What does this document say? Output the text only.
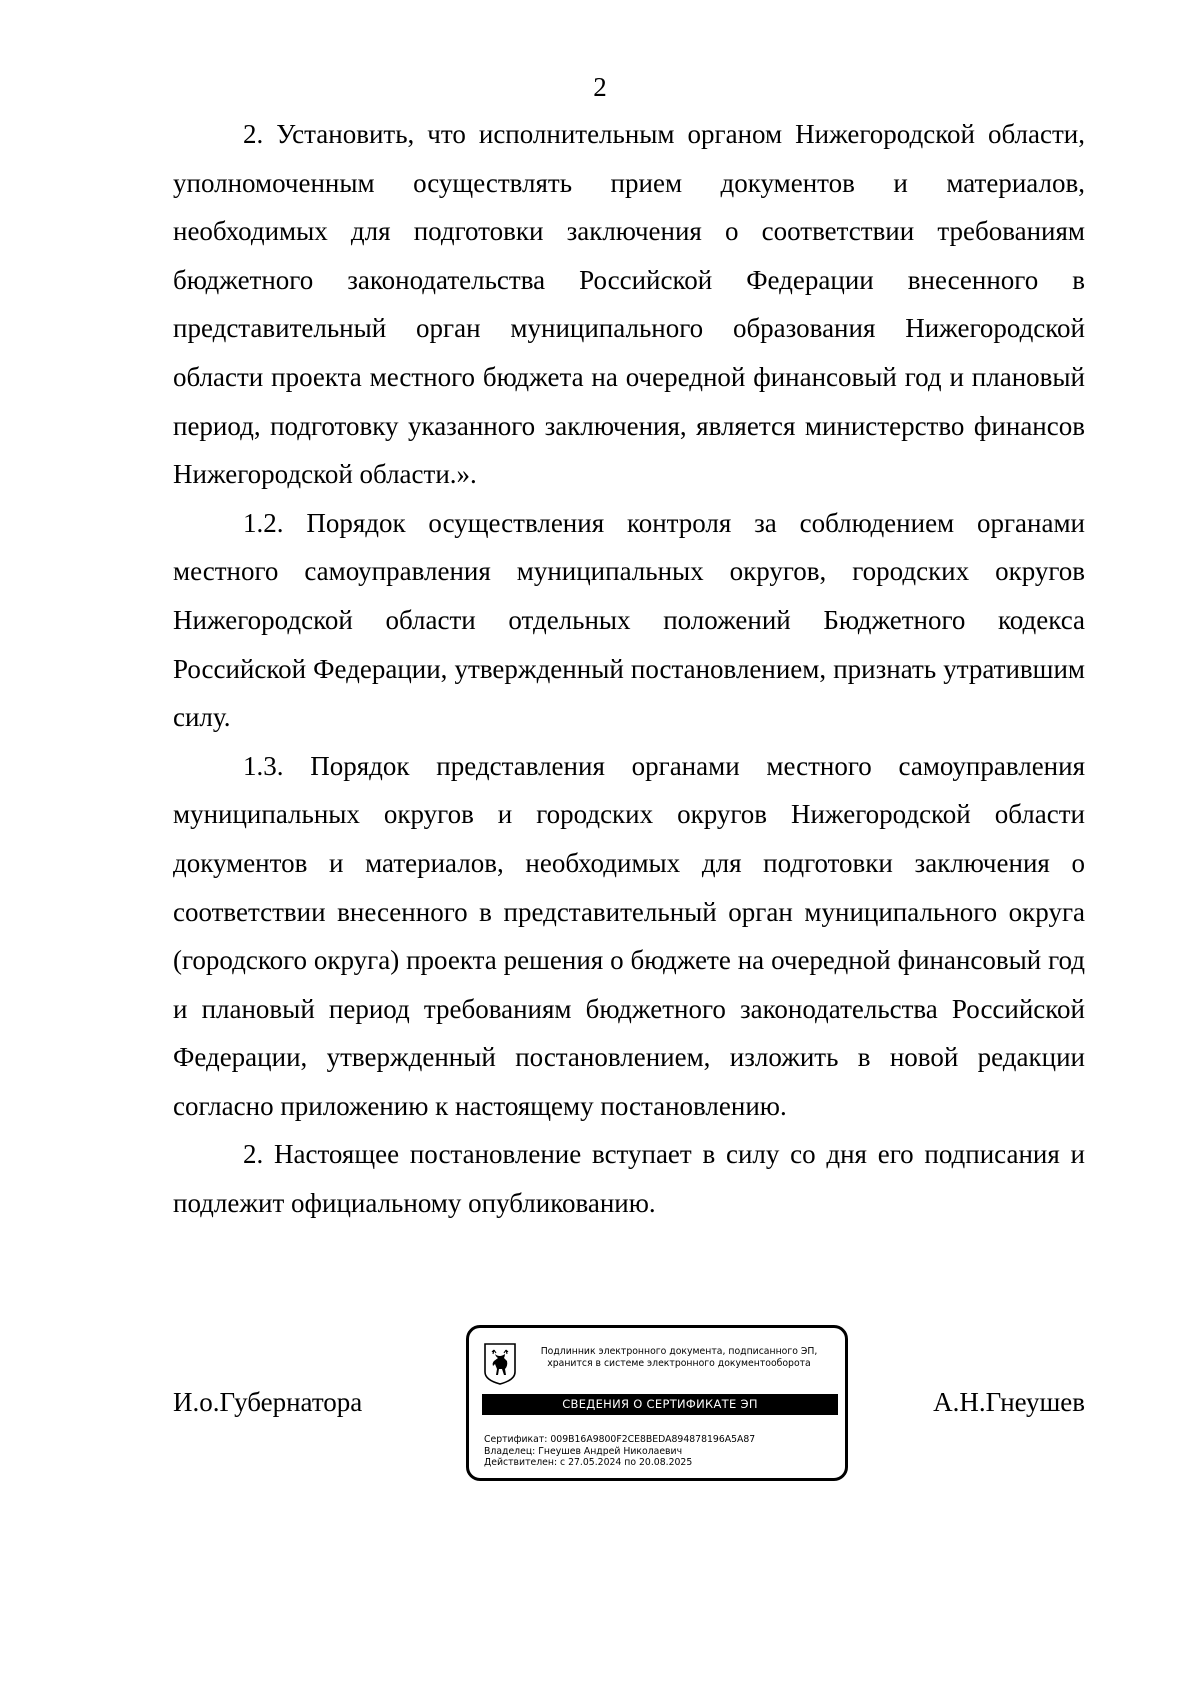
2

2. Установить, что исполнительным органом Нижегородской области, уполномоченным осуществлять прием документов и материалов, необходимых для подготовки заключения о соответствии требованиям бюджетного законодательства Российской Федерации внесенного в представительный орган муниципального образования Нижегородской области проекта местного бюджета на очередной финансовый год и плановый период, подготовку указанного заключения, является министерство финансов Нижегородской области.».

1.2. Порядок осуществления контроля за соблюдением органами местного самоуправления муниципальных округов, городских округов Нижегородской области отдельных положений Бюджетного кодекса Российской Федерации, утвержденный постановлением, признать утратившим силу.

1.3. Порядок представления органами местного самоуправления муниципальных округов и городских округов Нижегородской области документов и материалов, необходимых для подготовки заключения о соответствии внесенного в представительный орган муниципального округа (городского округа) проекта решения о бюджете на очередной финансовый год и плановый период требованиям бюджетного законодательства Российской Федерации, утвержденный постановлением, изложить в новой редакции согласно приложению к настоящему постановлению.

2. Настоящее постановление вступает в силу со дня его подписания и подлежит официальному опубликованию.

И.о.Губернатора	А.Н.Гнеушев
Подлинник электронного документа, подписанного ЭП,
хранится в системе электронного документооборота
СВЕДЕНИЯ О СЕРТИФИКАТЕ ЭП
Сертификат: 009B16A9800F2CE8BEDA894878196A5A87
Владелец: Гнеушев Андрей Николаевич
Действителен: с 27.05.2024 по 20.08.2025
